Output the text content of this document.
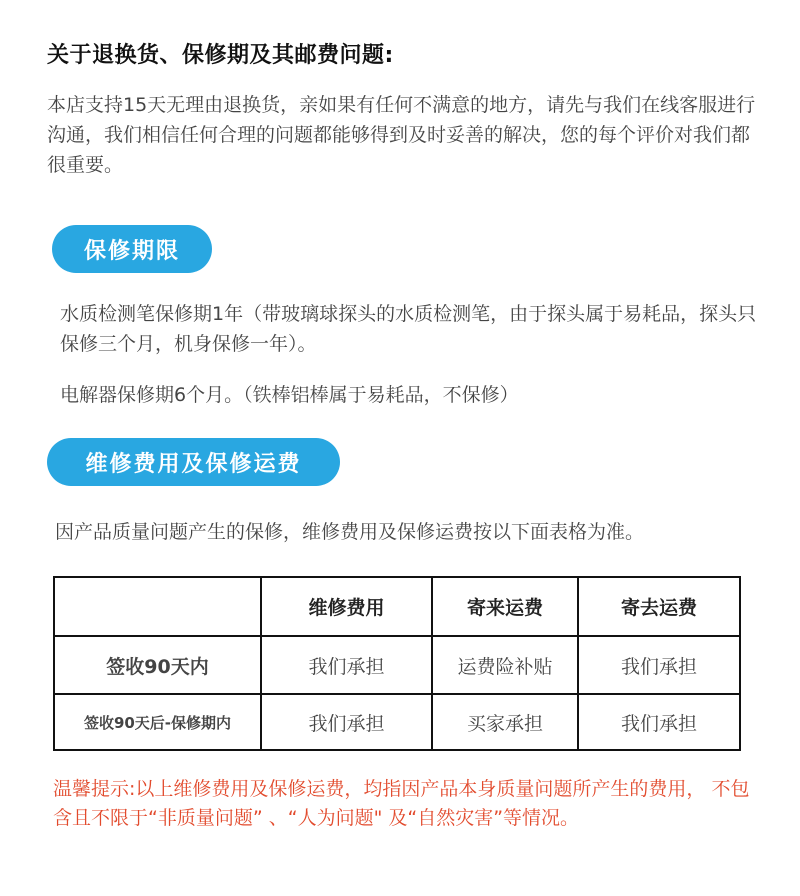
关于退换货、保修期及其邮费问题:
本店支持15天无理由退换货，亲如果有任何不满意的地方，请先与我们在线客服进行沟通，我们相信任何合理的问题都能够得到及时妥善的解决，您的每个评价对我们都很重要。
保修期限
水质检测笔保修期1年（带玻璃球探头的水质检测笔，由于探头属于易耗品，探头只保修三个月，机身保修一年）。
电解器保修期6个月。（铁棒铝棒属于易耗品，不保修）
维修费用及保修运费
因产品质量问题产生的保修，维修费用及保修运费按以下面表格为准。
	维修费用	寄来运费	寄去运费
签收90天内	我们承担	运费险补贴	我们承担
签收90天后-保修期内	我们承担	买家承担	我们承担
温馨提示:以上维修费用及保修运费，均指因产品本身质量问题所产生的费用， 不包含且不限于“非质量问题” 、“人为问题" 及“自然灾害”等情况。
